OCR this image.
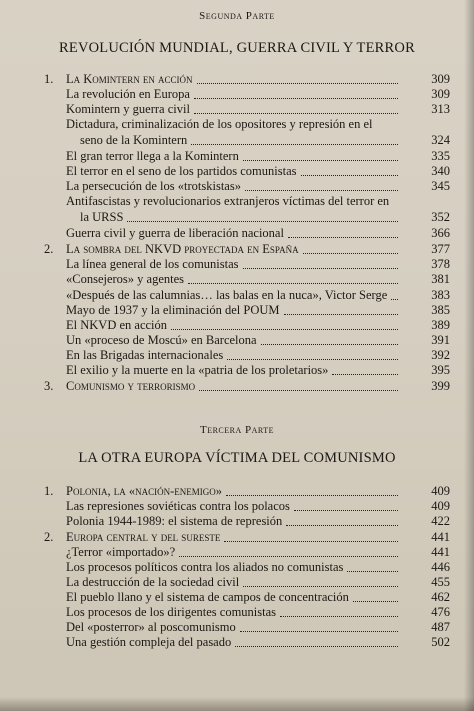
Segunda Parte
REVOLUCIÓN MUNDIAL, GUERRA CIVIL Y TERROR
1. La Komintern en acción	309
La revolución en Europa	309
Komintern y guerra civil	313
Dictadura, criminalización de los opositores y represión en el
seno de la Komintern	324
El gran terror llega a la Komintern	335
El terror en el seno de los partidos comunistas	340
La persecución de los «trotskistas»	345
Antifascistas y revolucionarios extranjeros víctimas del terror en
la URSS	352
Guerra civil y guerra de liberación nacional	366
2. La sombra del NKVD proyectada en España	377
La línea general de los comunistas	378
«Consejeros» y agentes	381
«Después de las calumnias… las balas en la nuca», Victor Serge	383
Mayo de 1937 y la eliminación del POUM	385
El NKVD en acción	389
Un «proceso de Moscú» en Barcelona	391
En las Brigadas internacionales	392
El exilio y la muerte en la «patria de los proletarios»	395
3. Comunismo y terrorismo	399
Tercera Parte
LA OTRA EUROPA VÍCTIMA DEL COMUNISMO
1. Polonia, la «nación-enemigo»	409
Las represiones soviéticas contra los polacos	409
Polonia 1944-1989: el sistema de represión	422
2. Europa central y del sureste	441
¿Terror «importado»?	441
Los procesos políticos contra los aliados no comunistas	446
La destrucción de la sociedad civil	455
El pueblo llano y el sistema de campos de concentración	462
Los procesos de los dirigentes comunistas	476
Del «posterror» al poscomunismo	487
Una gestión compleja del pasado	502
